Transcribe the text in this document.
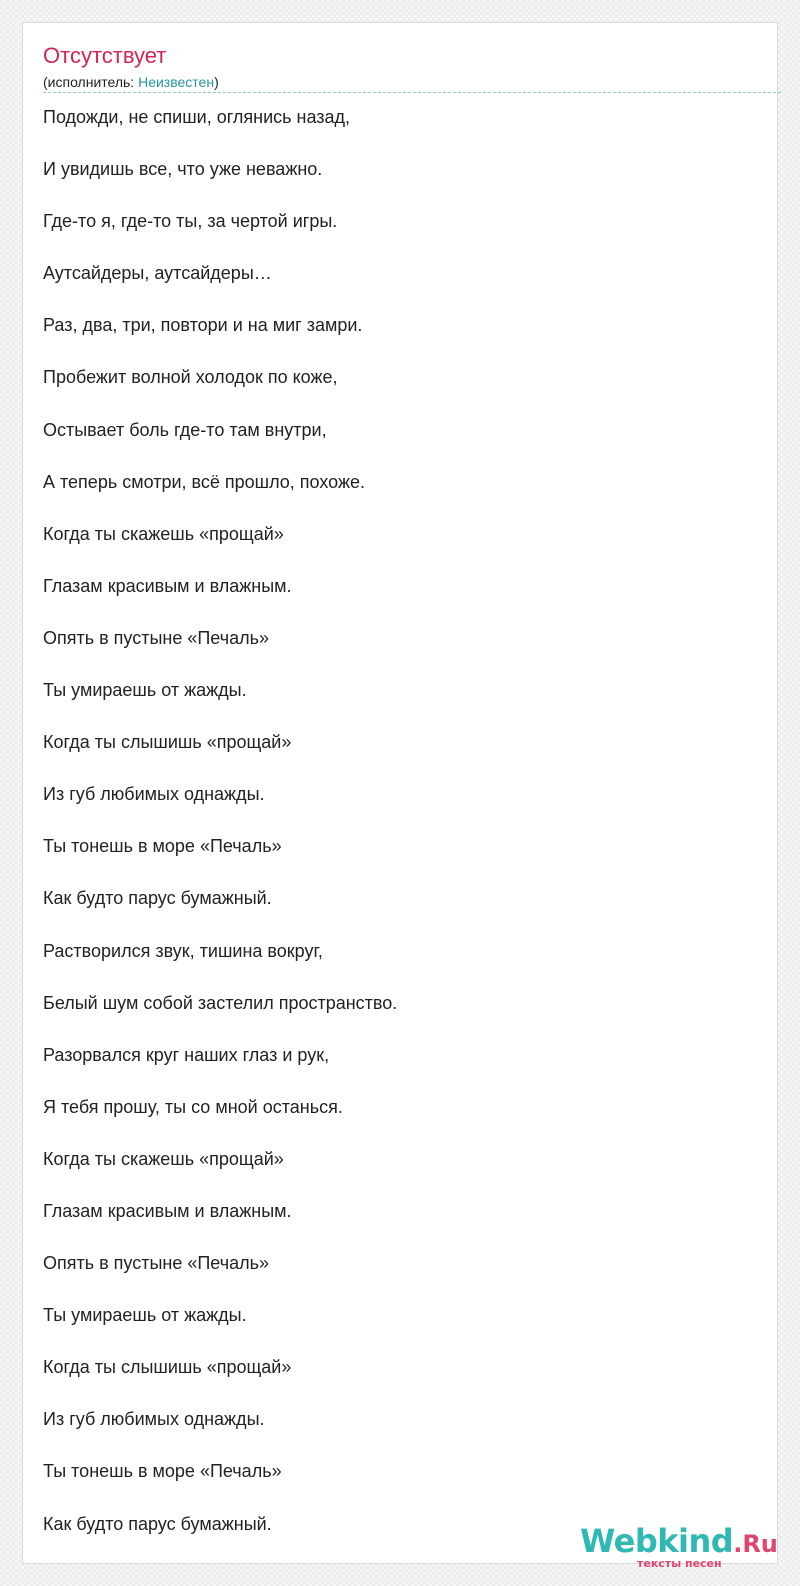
Отсутствует
(исполнитель: Неизвестен)
Подожди, не спиши, оглянись назад,
И увидишь все, что уже неважно.
Где-то я, где-то ты, за чертой игры.
Аутсайдеры, аутсайдеры…
Раз, два, три, повтори и на миг замри.
Пробежит волной холодок по коже,
Остывает боль где-то там внутри,
А теперь смотри, всё прошло, похоже.
Когда ты скажешь «прощай»
Глазам красивым и влажным.
Опять в пустыне «Печаль»
Ты умираешь от жажды.
Когда ты слышишь «прощай»
Из губ любимых однажды.
Ты тонешь в море «Печаль»
Как будто парус бумажный.
Растворился звук, тишина вокруг,
Белый шум собой застелил пространство.
Разорвался круг наших глаз и рук,
Я тебя прошу, ты со мной останься.
Когда ты скажешь «прощай»
Глазам красивым и влажным.
Опять в пустыне «Печаль»
Ты умираешь от жажды.
Когда ты слышишь «прощай»
Из губ любимых однажды.
Ты тонешь в море «Печаль»
Как будто парус бумажный.	Webkind.Ru
тексты песен
